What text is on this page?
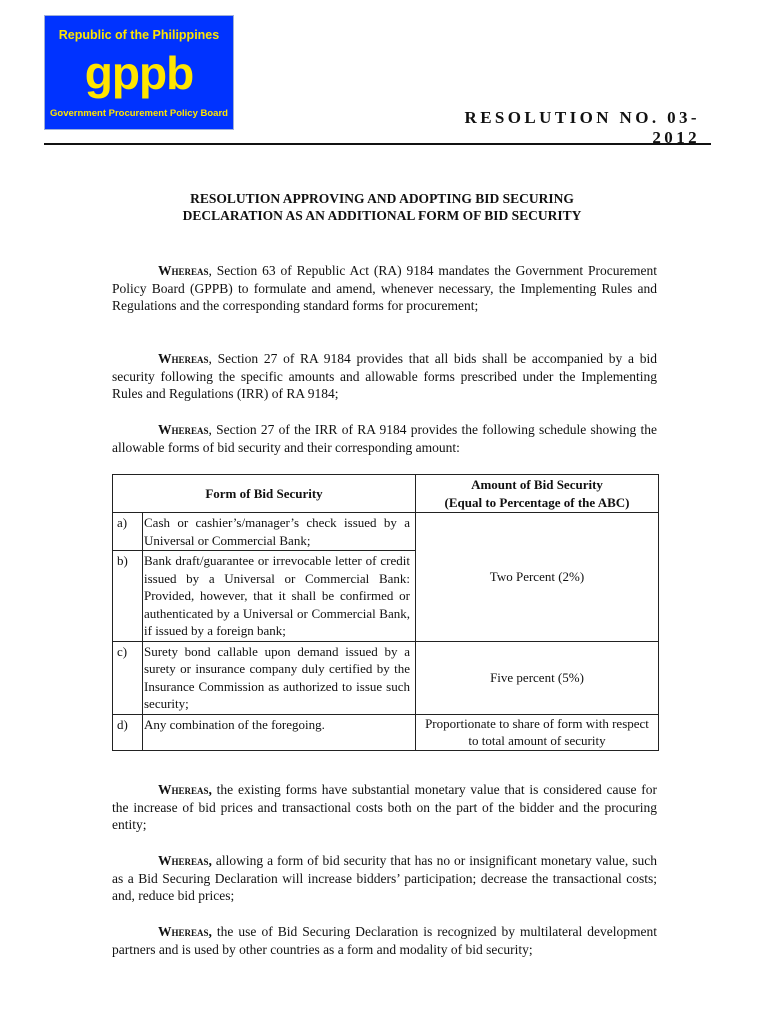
Republic of the Philippines
gppb
Government Procurement Policy Board	RESOLUTION NO. 03-2012
RESOLUTION APPROVING AND ADOPTING BID SECURING
DECLARATION AS AN ADDITIONAL FORM OF BID SECURITY

Whereas, Section 63 of Republic Act (RA) 9184 mandates the Government Procurement Policy Board (GPPB) to formulate and amend, whenever necessary, the Implementing Rules and Regulations and the corresponding standard forms for procurement;

Whereas, Section 27 of RA 9184 provides that all bids shall be accompanied by a bid security following the specific amounts and allowable forms prescribed under the Implementing Rules and Regulations (IRR) of RA 9184;

Whereas, Section 27 of the IRR of RA 9184 provides the following schedule showing the allowable forms of bid security and their corresponding amount:

Form of Bid Security		Amount of Bid Security
(Equal to Percentage of the ABC)

a)	Cash or cashier’s/manager’s check issued by a Universal or Commercial Bank;	Two Percent (2%)
b)	Bank draft/guarantee or irrevocable letter of credit issued by a Universal or Commercial Bank: Provided, however, that it shall be confirmed or authenticated by a Universal or Commercial Bank, if issued by a foreign bank;	
c)	Surety bond callable upon demand issued by a surety or insurance company duly certified by the Insurance Commission as authorized to issue such security;	Five percent (5%)
d)	Any combination of the foregoing.	Proportionate to share of form with respect to total amount of security

Whereas, the existing forms have substantial monetary value that is considered cause for the increase of bid prices and transactional costs both on the part of the bidder and the procuring entity;

Whereas, allowing a form of bid security that has no or insignificant monetary value, such as a Bid Securing Declaration will increase bidders’ participation; decrease the transactional costs; and, reduce bid prices;

Whereas, the use of Bid Securing Declaration is recognized by multilateral development partners and is used by other countries as a form and modality of bid security;
